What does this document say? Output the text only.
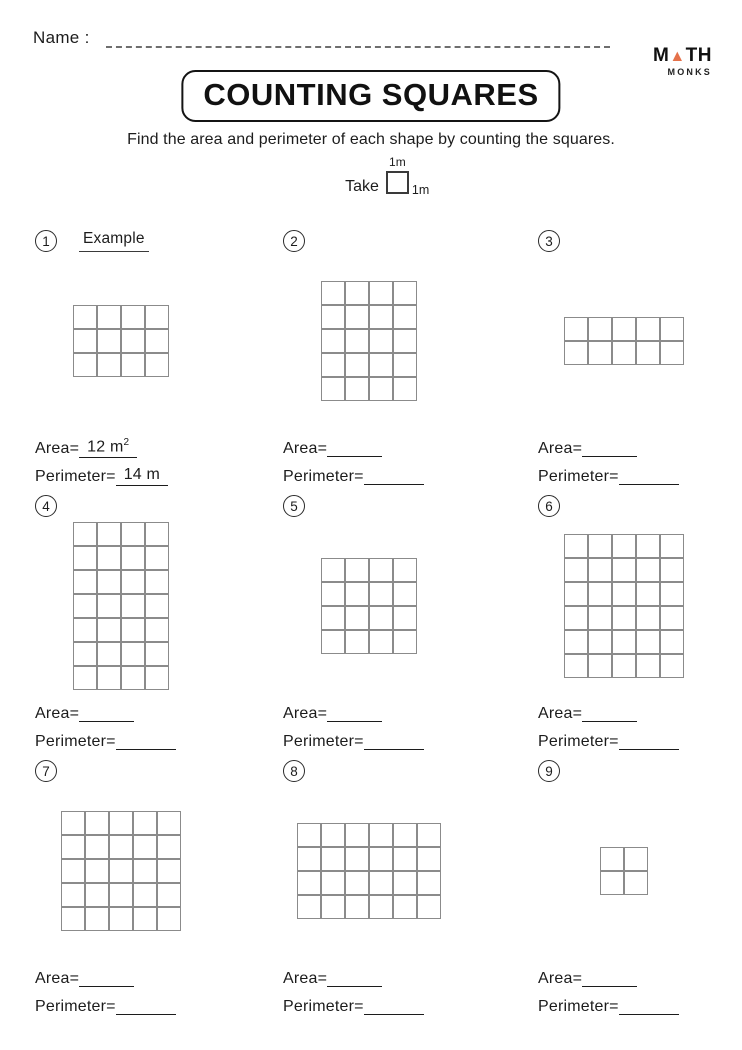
Name :
M▲TH
MONKS
COUNTING SQUARES
Find the area and perimeter of each shape by counting the squares.
Take
1m
1m
1	Example
Area= 12 $m^2$
Perimeter= 14 m
2
Area=
Perimeter=
3
Area=
Perimeter=
4
Area=
Perimeter=
5
Area=
Perimeter=
6
Area=
Perimeter=
7
Area=
Perimeter=
8
Area=
Perimeter=
9
Area=
Perimeter=
